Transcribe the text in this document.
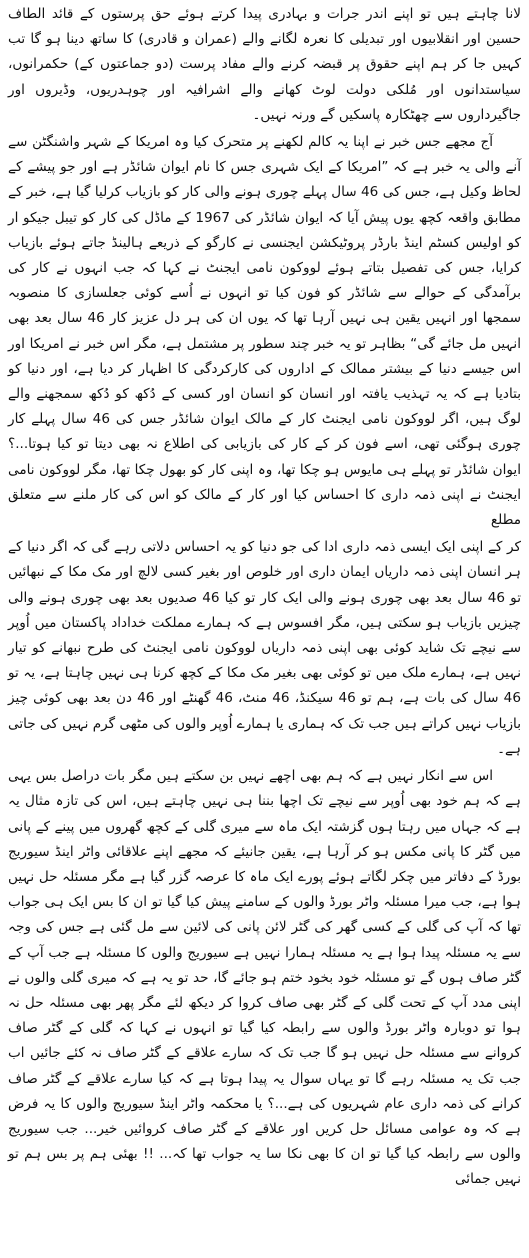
لانا چاہتے ہیں تو اپنے اندر جرات و بہادری پیدا کرتے ہوئے حق پرستوں کے قائد الطاف حسین اور انقلابیوں اور تبدیلی کا نعرہ لگانے والے (عمران و قادری) کا ساتھ دینا ہو گا تب کہیں جا کر ہم اپنے حقوق پر قبضہ کرنے والے مفاد پرست (دو جماعتوں کے) حکمرانوں، سیاستدانوں اور مُلکی دولت لوٹ کھانے والے اشرافیہ اور چوہدریوں، وڈیروں اور جاگیرداروں سے چھٹکارہ پاسکیں گے ورنہ نہیں۔

آج مجھے جس خبر نے اپنا یہ کالم لکھنے پر متحرک کیا وہ امریکا کے شہر واشنگٹن سے آنے والی یہ خبر ہے کہ ”امریکا کے ایک شہری جس کا نام ایوان شائڈر ہے اور جو پیشے کے لحاظ وکیل ہے، جس کی 46 سال پہلے چوری ہونے والی کار کو بازیاب کرلیا گیا ہے، خبر کے مطابق واقعہ کچھ یوں پیش آیا کہ ایوان شائڈر کی 1967 کے ماڈل کی کار کو تیبل جیکو ار کو اولیس کسٹم اینڈ بارڈر پروٹیکشن ایجنسی نے کارگو کے ذریعے ہالینڈ جاتے ہوئے بازیاب کرایا، جس کی تفصیل بتاتے ہوئے لووکون نامی ایجنٹ نے کہا کہ جب انہوں نے کار کی برآمدگی کے حوالے سے شائڈر کو فون کیا تو انہوں نے اُسے کوئی جعلسازی کا منصوبہ سمجھا اور انہیں یقین ہی نہیں آرہا تھا کہ یوں ان کی ہر دل عزیز کار 46 سال بعد بھی انہیں مل جائے گی“ بظاہر تو یہ خبر چند سطور پر مشتمل ہے، مگر اس خبر نے امریکا اور اس جیسے دنیا کے بیشتر ممالک کے اداروں کی کارکردگی کا اظہار کر دیا ہے، اور دنیا کو بتادیا ہے کہ یہ تہذیب یافتہ اور انسان کو انسان اور کسی کے دُکھ کو دُکھ سمجھنے والے لوگ ہیں، اگر لووکون نامی ایجنٹ کار کے مالک ایوان شائڈر جس کی 46 سال پہلے کار چوری ہوگئی تھی، اسے فون کر کے کار کی بازیابی کی اطلاع نہ بھی دیتا تو کیا ہوتا...؟ ایوان شائڈر تو پہلے ہی مایوس ہو چکا تھا، وہ اپنی کار کو بھول چکا تھا، مگر لووکون نامی ایجنٹ نے اپنی ذمہ داری کا احساس کیا اور کار کے مالک کو اس کی کار ملنے سے متعلق مطلع

کر کے اپنی ایک ایسی ذمہ داری ادا کی جو دنیا کو یہ احساس دلاتی رہے گی کہ اگر دنیا کے ہر انسان اپنی ذمہ داریاں ایمان داری اور خلوص اور بغیر کسی لالچ اور مک مکا کے نبھائیں تو 46 سال بعد بھی چوری ہونے والی ایک کار تو کیا 46 صدیوں بعد بھی چوری ہونے والی چیزیں بازیاب ہو سکتی ہیں، مگر افسوس ہے کہ ہمارے مملکت خداداد پاکستان میں اُوپر سے نیچے تک شاید کوئی بھی اپنی ذمہ داریاں لووکون نامی ایجنٹ کی طرح نبھانے کو تیار نہیں ہے، ہمارے ملک میں تو کوئی بھی بغیر مک مکا کے کچھ کرنا ہی نہیں چاہتا ہے، یہ تو 46 سال کی بات ہے، ہم تو 46 سیکنڈ، 46 منٹ، 46 گھنٹے اور 46 دن بعد بھی کوئی چیز بازیاب نہیں کراتے ہیں جب تک کہ ہماری یا ہمارے اُوپر والوں کی مٹھی گرم نہیں کی جاتی ہے۔

اس سے انکار نہیں ہے کہ ہم بھی اچھے نہیں بن سکتے ہیں مگر بات دراصل بس یہی ہے کہ ہم خود بھی اُوپر سے نیچے تک اچھا بننا ہی نہیں چاہتے ہیں، اس کی تازہ مثال یہ ہے کہ جہاں میں رہتا ہوں گزشتہ ایک ماہ سے میری گلی کے کچھ گھروں میں پینے کے پانی میں گٹر کا پانی مکس ہو کر آرہا ہے، یقین جانیئے کہ مجھے اپنے علاقائی واٹر اینڈ سیوریج بورڈ کے دفاتر میں چکر لگاتے ہوئے پورے ایک ماہ کا عرصہ گزر گیا ہے مگر مسئلہ حل نہیں ہوا ہے، جب میرا مسئلہ واٹر بورڈ والوں کے سامنے پیش کیا گیا تو ان کا بس ایک ہی جواب تھا کہ آپ کی گلی کے کسی گھر کی گٹر لائن پانی کی لائین سے مل گئی ہے جس کی وجہ سے یہ مسئلہ پیدا ہوا ہے یہ مسئلہ ہمارا نہیں ہے سیوریج والوں کا مسئلہ ہے جب آپ کے گٹر صاف ہوں گے تو مسئلہ خود بخود ختم ہو جائے گا، حد تو یہ ہے کہ میری گلی والوں نے اپنی مدد آپ کے تحت گلی کے گٹر بھی صاف کروا کر دیکھ لئے مگر پھر بھی مسئلہ حل نہ ہوا تو دوبارہ واٹر بورڈ والوں سے رابطہ کیا گیا تو انہوں نے کہا کہ گلی کے گٹر صاف کروانے سے مسئلہ حل نہیں ہو گا جب تک کہ سارے علاقے کے گٹر صاف نہ کئے جائیں اب جب تک یہ مسئلہ رہے گا تو یہاں سوال یہ پیدا ہوتا ہے کہ کیا سارے علاقے کے گٹر صاف کرانے کی ذمہ داری عام شہریوں کی ہے...؟ یا محکمہ واٹر اینڈ سیوریج والوں کا یہ فرض ہے کہ وہ عوامی مسائل حل کریں اور علاقے کے گٹر صاف کروائیں خیر... جب سیوریج والوں سے رابطہ کیا گیا تو ان کا بھی نکا سا یہ جواب تھا کہ... !! بھئی ہم پر بس ہم تو نہیں جمائی
